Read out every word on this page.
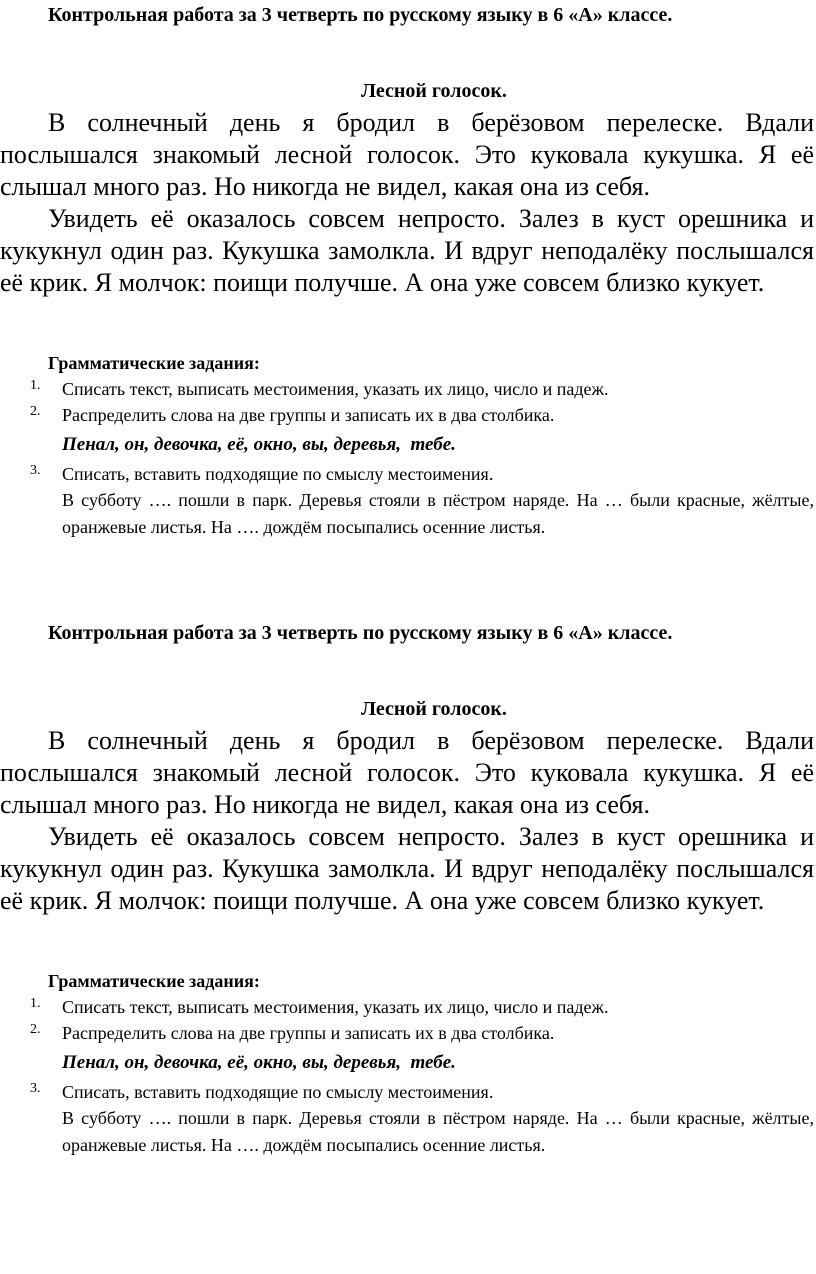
Контрольная работа за 3 четверть по русскому языку в 6 «А» классе.
Лесной голосок.

В солнечный день я бродил в берёзовом перелеске. Вдали послышался знакомый лесной голосок. Это куковала кукушка. Я её слышал много раз. Но никогда не видел, какая она из себя.

Увидеть её оказалось совсем непросто. Залез в куст орешника и кукукнул один раз. Кукушка замолкла. И вдруг неподалёку послышался её крик. Я молчок: поищи получше. А она уже совсем близко кукует.

Грамматические задания:
1. Списать текст, выписать местоимения, указать их лицо, число и падеж.
2. Распределить слова на две группы и записать их в два столбика.
Пенал, он, девочка, её, окно, вы, деревья,  тебе.
3. Списать, вставить подходящие по смыслу местоимения.
В субботу …. пошли в парк. Деревья стояли в пёстром наряде. На … были красные, жёлтые, оранжевые листья. На …. дождём посыпались осенние листья.
Контрольная работа за 3 четверть по русскому языку в 6 «А» классе.
Лесной голосок.

В солнечный день я бродил в берёзовом перелеске. Вдали послышался знакомый лесной голосок. Это куковала кукушка. Я её слышал много раз. Но никогда не видел, какая она из себя.

Увидеть её оказалось совсем непросто. Залез в куст орешника и кукукнул один раз. Кукушка замолкла. И вдруг неподалёку послышался её крик. Я молчок: поищи получше. А она уже совсем близко кукует.

Грамматические задания:
1. Списать текст, выписать местоимения, указать их лицо, число и падеж.
2. Распределить слова на две группы и записать их в два столбика.
Пенал, он, девочка, её, окно, вы, деревья,  тебе.
3. Списать, вставить подходящие по смыслу местоимения.
В субботу …. пошли в парк. Деревья стояли в пёстром наряде. На … были красные, жёлтые, оранжевые листья. На …. дождём посыпались осенние листья.
